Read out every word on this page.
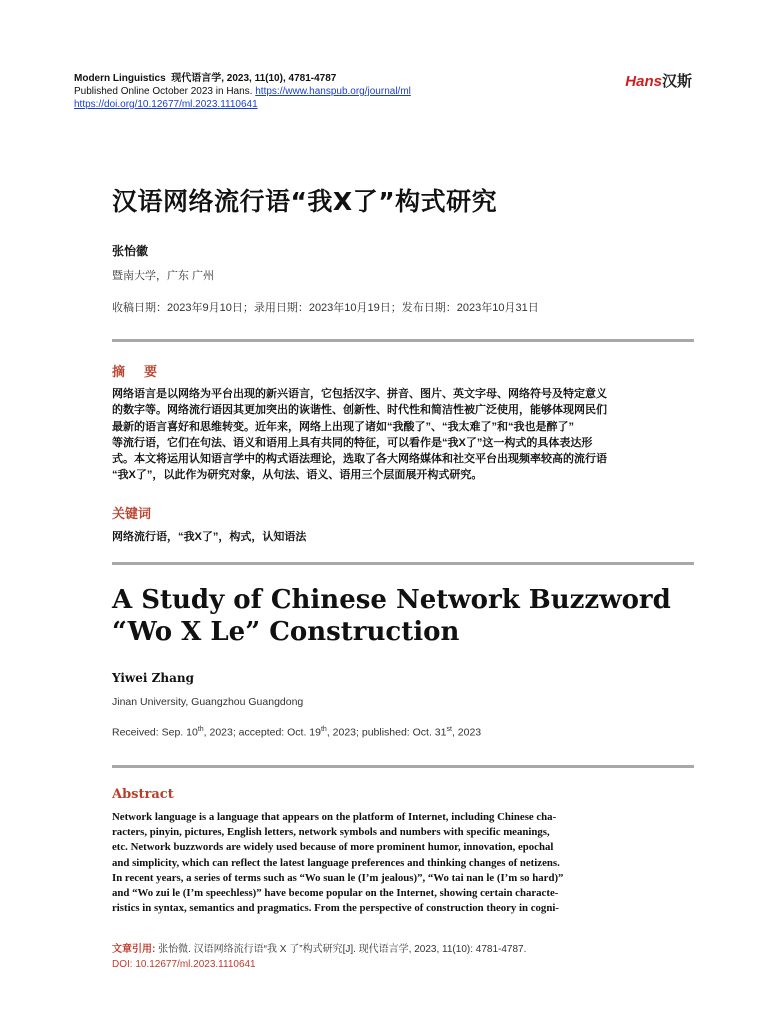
Modern Linguistics 现代语言学, 2023, 11(10), 4781-4787
Published Online October 2023 in Hans. https://www.hanspub.org/journal/ml
https://doi.org/10.12677/ml.2023.1110641
Hans汉斯
汉语网络流行语“我X了”构式研究
张怡徽
暨南大学，广东 广州
收稿日期：2023年9月10日；录用日期：2023年10月19日；发布日期：2023年10月31日
摘　要

网络语言是以网络为平台出现的新兴语言，它包括汉字、拼音、图片、英文字母、网络符号及特定意义

的数字等。网络流行语因其更加突出的诙谐性、创新性、时代性和简洁性被广泛使用，能够体现网民们

最新的语言喜好和思维转变。近年来，网络上出现了诸如“我酸了”、“我太难了”和“我也是醉了”

等流行语，它们在句法、语义和语用上具有共同的特征，可以看作是“我X了”这一构式的具体表达形

式。本文将运用认知语言学中的构式语法理论，选取了各大网络媒体和社交平台出现频率较高的流行语

“我X了”，以此作为研究对象，从句法、语义、语用三个层面展开构式研究。

关键词
网络流行语，“我X了”，构式，认知语法
A Study of Chinese Network Buzzword
“Wo X Le” Construction
Yiwei Zhang
Jinan University, Guangzhou Guangdong
Received: Sep. 10th, 2023; accepted: Oct. 19th, 2023; published: Oct. 31st, 2023
Abstract

Network language is a language that appears on the platform of Internet, including Chinese cha-

racters, pinyin, pictures, English letters, network symbols and numbers with specific meanings,

etc. Network buzzwords are widely used because of more prominent humor, innovation, epochal

and simplicity, which can reflect the latest language preferences and thinking changes of netizens.

In recent years, a series of terms such as “Wo suan le (I’m jealous)”, “Wo tai nan le (I’m so hard)”

and “Wo zui le (I’m speechless)” have become popular on the Internet, showing certain characte-

ristics in syntax, semantics and pragmatics. From the perspective of construction theory in cogni-

文章引用: 张怡微. 汉语网络流行语“我 X 了”构式研究[J]. 现代语言学, 2023, 11(10): 4781-4787.
DOI: 10.12677/ml.2023.1110641
